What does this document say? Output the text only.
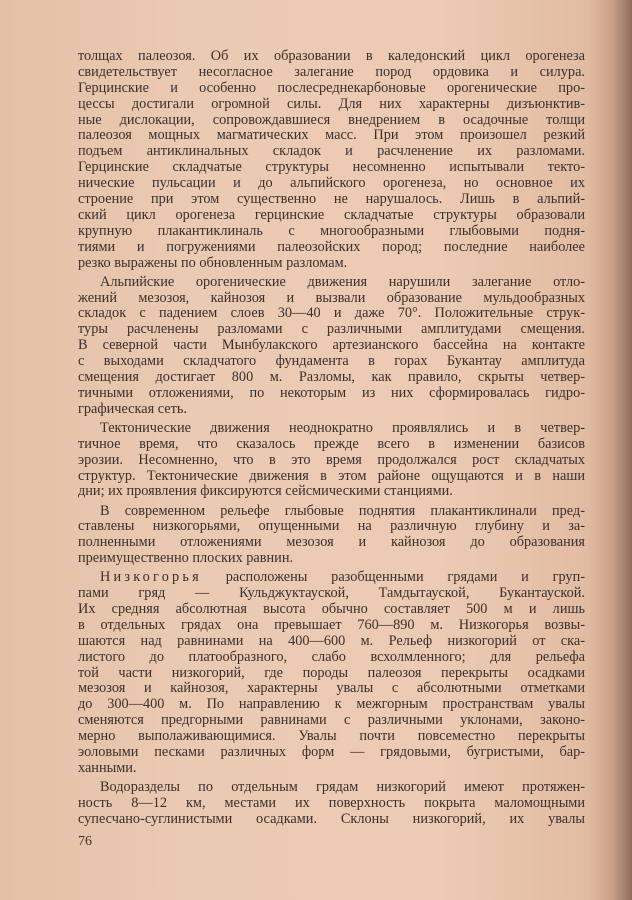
толщах палеозоя. Об их образовании в каледонский цикл орогенеза
свидетельствует несогласное залегание пород ордовика и силура.
Герцинские и особенно послесреднекарбоновые орогенические про-
цессы достигали огромной силы. Для них характерны дизъюнктив-
ные дислокации, сопровождавшиеся внедрением в осадочные толщи
палеозоя мощных магматических масс. При этом произошел резкий
подъем антиклинальных складок и расчленение их разломами.
Герцинские складчатые структуры несомненно испытывали текто-
нические пульсации и до альпийского орогенеза, но основное их
строение при этом существенно не нарушалось. Лишь в альпий-
ский цикл орогенеза герцинские складчатые структуры образовали
крупную плакантиклиналь с многообразными глыбовыми подня-
тиями и погружениями палеозойских пород; последние наиболее
резко выражены по обновленным разломам.
Альпийские орогенические движения нарушили залегание отло-
жений мезозоя, кайнозоя и вызвали образование мульдообразных
складок с падением слоев 30—40 и даже 70°. Положительные струк-
туры расчленены разломами с различными амплитудами смещения.
В северной части Мынбулакского артезианского бассейна на контакте
с выходами складчатого фундамента в горах Букантау амплитуда
смещения достигает 800 м. Разломы, как правило, скрыты четвер-
тичными отложениями, по некоторым из них сформировалась гидро-
графическая сеть.
Тектонические движения неоднократно проявлялись и в четвер-
тичное время, что сказалось прежде всего в изменении базисов
эрозии. Несомненно, что в это время продолжался рост складчатых
структур. Тектонические движения в этом районе ощущаются и в наши
дни; их проявления фиксируются сейсмическими станциями.
В современном рельефе глыбовые поднятия плакантиклинали пред-
ставлены низкогорьями, опущенными на различную глубину и за-
полненными отложениями мезозоя и кайнозоя до образования
преимущественно плоских равнин.
Низкогорья расположены разобщенными грядами и груп-
пами гряд — Кульджуктауской, Тамдытауской, Букантауской.
Их средняя абсолютная высота обычно составляет 500 м и лишь
в отдельных грядах она превышает 760—890 м. Низкогорья возвы-
шаются над равнинами на 400—600 м. Рельеф низкогорий от ска-
листого до платообразного, слабо всхолмленного; для рельефа
той части низкогорий, где породы палеозоя перекрыты осадками
мезозоя и кайнозоя, характерны увалы с абсолютными отметками
до 300—400 м. По направлению к межгорным пространствам увалы
сменяются предгорными равнинами с различными уклонами, законо-
мерно выполаживающимися. Увалы почти повсеместно перекрыты
эоловыми песками различных форм — грядовыми, бугристыми, бар-
ханными.
Водоразделы по отдельным грядам низкогорий имеют протяжен-
ность 8—12 км, местами их поверхность покрыта маломощными
супесчано-суглинистыми осадками. Склоны низкогорий, их увалы
76
